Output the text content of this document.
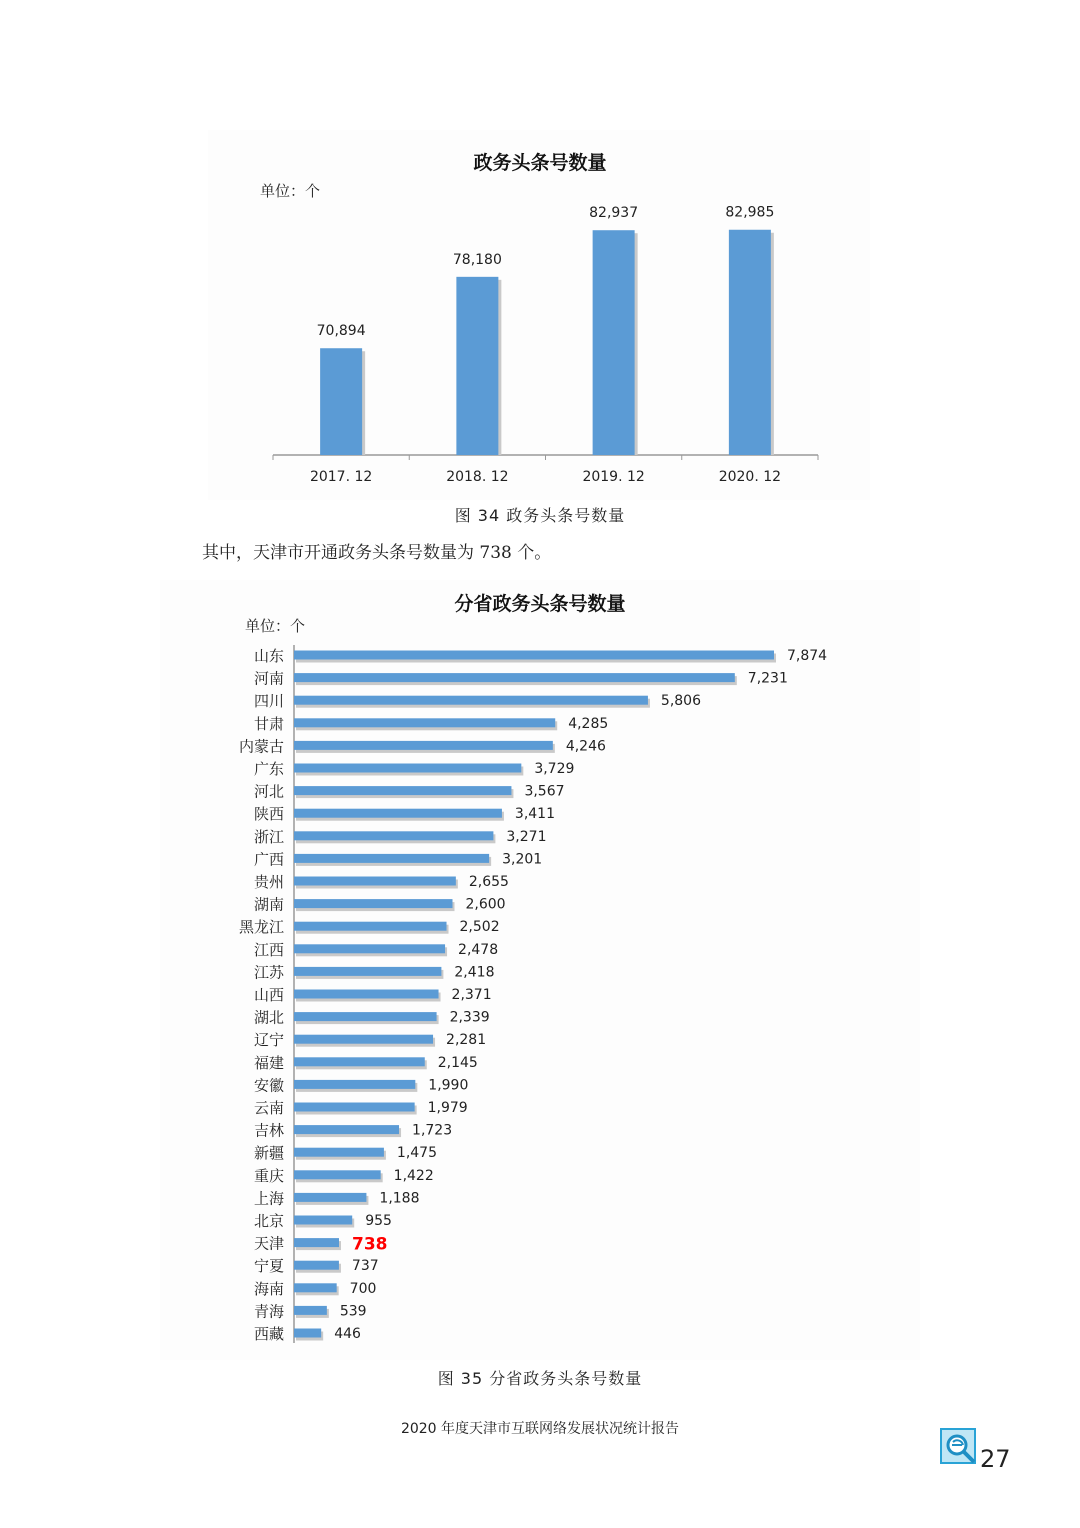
政务头条号数量
单位：个
70,894
2017. 12
78,180
2018. 12
82,937
2019. 12
82,985
2020. 12
图 34 政务头条号数量
其中，天津市开通政务头条号数量为 738 个。
分省政务头条号数量
单位：个
山东	7,874
河南	7,231
四川	5,806
甘肃	4,285
内蒙古	4,246
广东	3,729
河北	3,567
陕西	3,411
浙江	3,271
广西	3,201
贵州	2,655
湖南	2,600
黑龙江	2,502
江西	2,478
江苏	2,418
山西	2,371
湖北	2,339
辽宁	2,281
福建	2,145
安徽	1,990
云南	1,979
吉林	1,723
新疆	1,475
重庆	1,422
上海	1,188
北京	955
天津	738
宁夏	737
海南	700
青海	539
西藏	446
图 35 分省政务头条号数量
2020 年度天津市互联网络发展状况统计报告
27
